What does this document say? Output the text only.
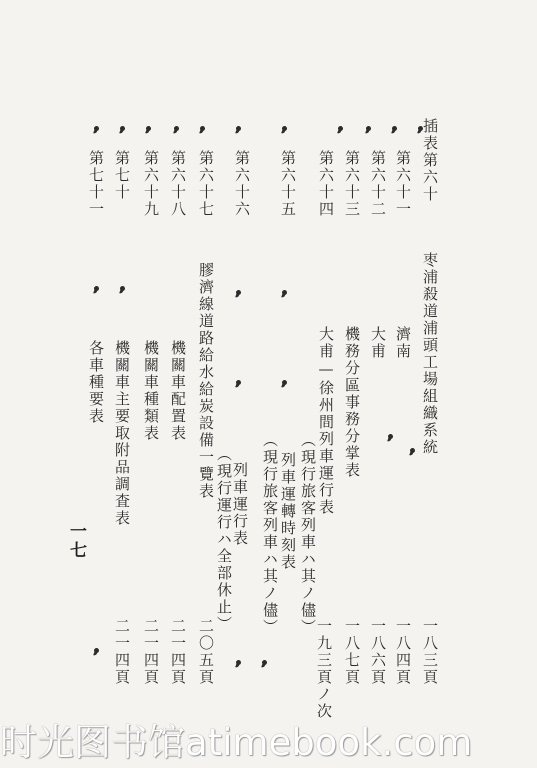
插表第六十
枣浦殺道浦頭工場組織系統
一八三頁
第六十一
濟南
一八四頁
第六十二
大甫
一八六頁
第六十三
機務分區事務分掌表
一八七頁
第六十四
大甫—徐州間列車運行表
（現行旅客列車ハ其ノ儘）
一九三頁ノ次
第六十五
列車運轉時刻表
（現行旅客列車ハ其ノ儘）
第六十六
列車運行表
（現行運行ハ全部休止）
第六十七
膠濟線道路給水給炭設備一覽表
二〇五頁
第六十八
機關車配置表
二一四頁
第六十九
機關車種類表
二一四頁
第七十
機關車主要取附品調査表
二一四頁
第七十一
各車種要表
一七
时光图书馆atimebook.com
